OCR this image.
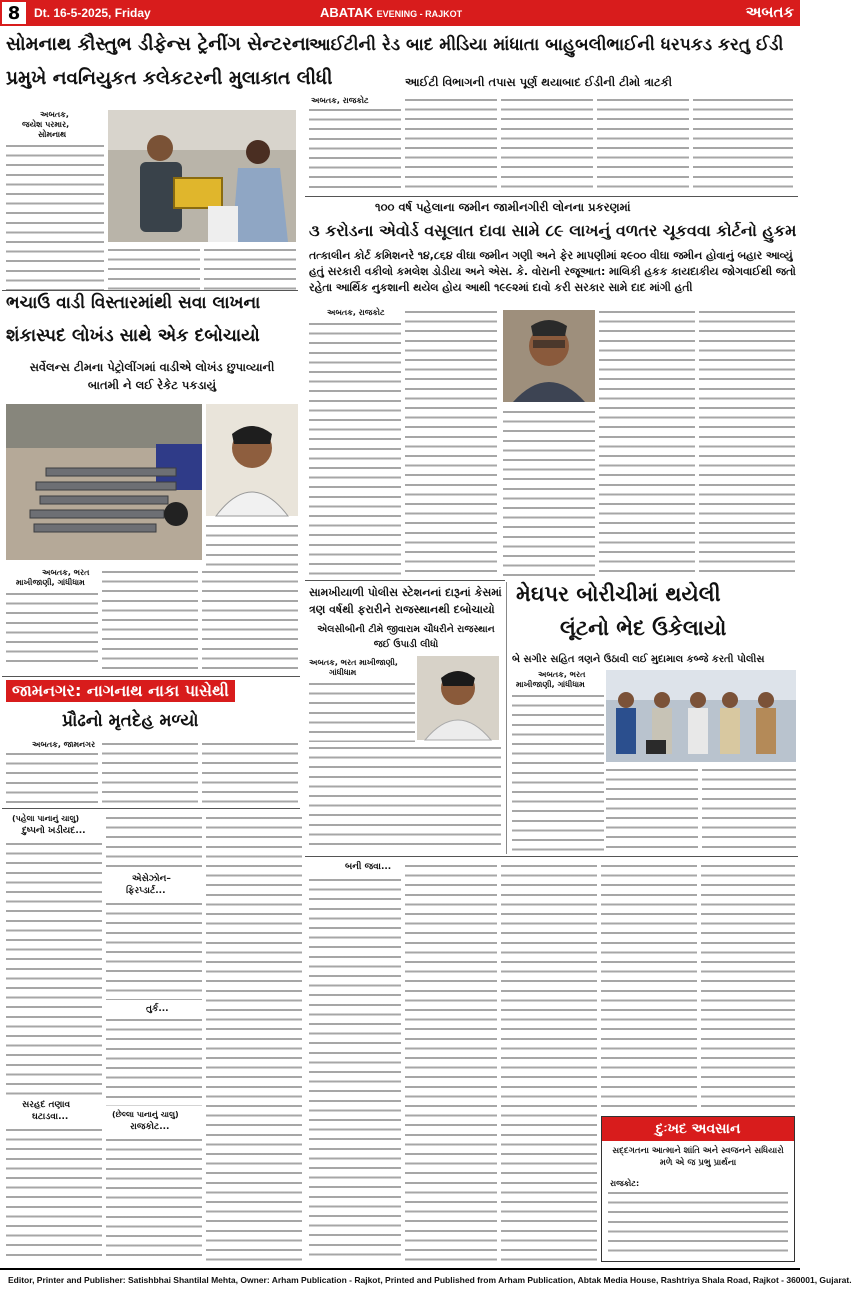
8	Dt. 16-5-2025, Friday	ABATAK EVENING - RAJKOT	અબતક
સોમનાથ કૌસ્તુભ ડીફેન્સ ટ્રેનીંગ સેન્ટરના
પ્રમુખે નવનિયુકત કલેકટરની મુલાકાત લીધી
અબતક,
જયેશ પરમાર,
સોમનાથ
આઈટીની રેડ બાદ મીડિયા માંધાતા બાહુબલીભાઈની ધરપકડ કરતુ ઈડી
આઈટી વિભાગની તપાસ પૂર્ણ થયાબાદ ઈડીની ટીમો ત્રાટકી
અબતક, રાજકોટ
૧૦૦ વર્ષ પહેલાના જમીન જામીનગીરી લોનના પ્રકરણમાં
૩ કરોડના એવોર્ડ વસૂલાત દાવા સામે ૮૯ લાખનું વળતર ચૂકવવા કોર્ટનો હુકમ
તત્કાલીન કોર્ટ કમિશનરે ૧૪,૮૬૪ વીઘા જમીન ગણી અને ફેર માપણીમાં ૨૯૦૦ વીઘા જમીન હોવાનું બહાર આવ્યું હતું સરકારી વકીલો કમલેશ ડોડીયા અને એસ. કે. વોરાની રજૂઆત: માલિકી હકક કાયદાકીય જોગવાઈથી જતો રહેતા આર્થિક નુકશાની થયેલ હોય આથી ૧૯૯૨માં દાવો કરી સરકાર સામે દાદ માંગી હતી
અબતક, રાજકોટ
ભચાઉ વાડી વિસ્તારમાંથી સવા લાખના
શંકાસ્પદ લોખંડ સાથે એક દબોચાયો
સર્વેલન્સ ટીમના પેટ્રોલીંગમાં વાડીએ લોખંડ છુપાવ્યાની બાતમી ને લઈ રેકેટ પકડાયું
અબતક, ભરત
માખીજાણી, ગાંધીધામ
સામખીયાળી પોલીસ સ્ટેશનનાં દારૂનાં કેસમાં ત્રણ વર્ષથી ફરારીને રાજસ્થાનથી દબોચાયો
એલસીબીની ટીમે જીવારામ ચૌધરીને રાજસ્થાન જઈ ઉપાડી લીધો
અબતક, ભરત માખીજાણી,
ગાંધીધામ
મેઘપર બોરીચીમાં થયેલી
લૂંટનો ભેદ ઉકેલાયો
બે સગીર સહિત ત્રણને ઉઠાવી લઈ મુદામાલ કબ્જે કરતી પોલીસ
અબતક, ભરત
માખીજાણી, ગાંધીધામ
જામનગર: નાગનાથ નાકા પાસેથી
પ્રૌઢનો મૃતદેહ મળ્યો
અબતક, જામનગર
(પહેલા પાનાનું ચાલુ)
દુષ્પનો ખડીયદ...
સરહદ તણાવ
ઘટાડવા...
એસેઝોન–
ફિરપ્ડાર્ટ...
તુર્ક...
(છેલ્લા પાનાનું ચાલુ)
રાજકોટ...
બની જવા...
દુઃખદ અવસાન
સદ્દગતના આત્માને શાંતિ અને સ્વજનને સધિયારો મળે એ જ પ્રભુ પ્રાર્થના
રાજકોટ:
Editor, Printer and Publisher: Satishbhai Shantilal Mehta, Owner: Arham Publication - Rajkot, Printed and Published from Arham Publication, Abtak Media House, Rashtriya Shala Road, Rajkot - 360001, Gujarat.
